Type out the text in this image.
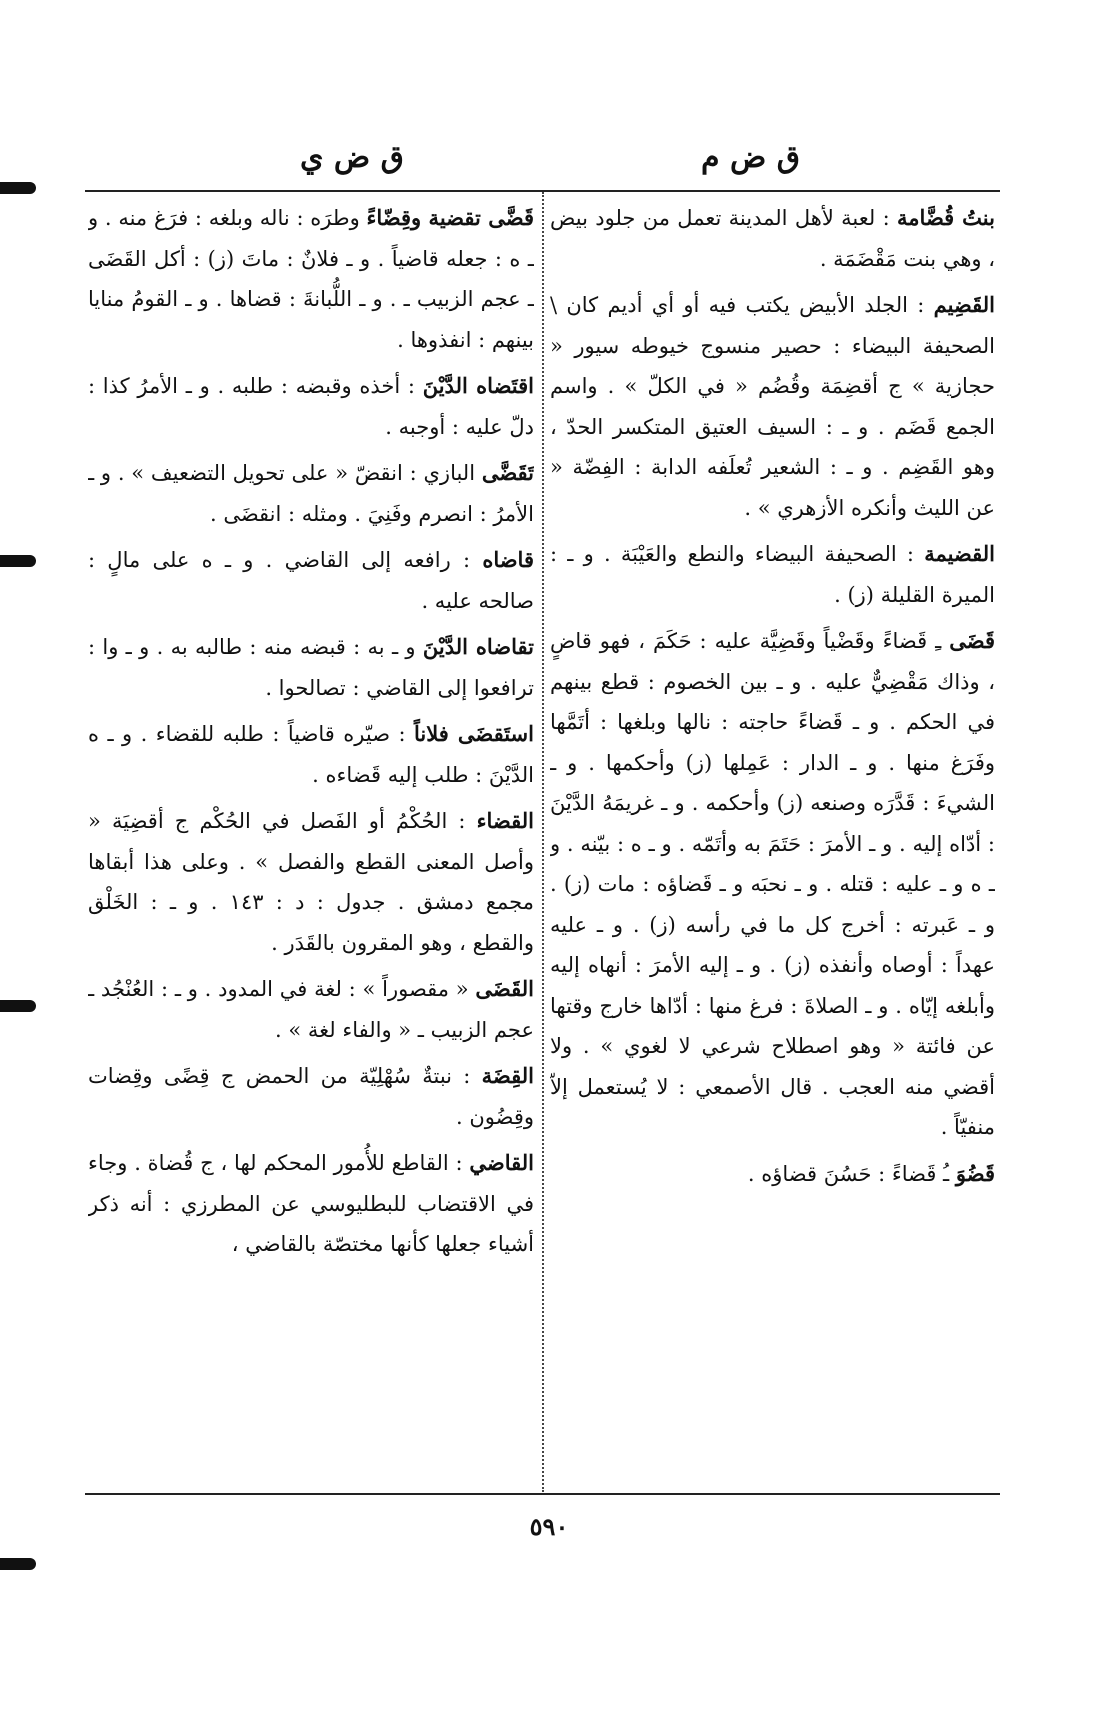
ق ض م
ق ض ي

بنتُ قُضَّامة : لعبة لأهل المدينة تعمل من جلود بيض ، وهي بنت مَقْضَمَة .

القَضِيم : الجلد الأبيض يكتب فيه أو أي أديم كان \ الصحيفة البيضاء : حصير منسوج خيوطه سيور « حجازية » ج أقضِمَة وقُضُم « في الكلّ » . واسم الجمع قَضَم . و ـ : السيف العتيق المتكسر الحدّ ، وهو القَضِم . و ـ : الشعير تُعلَفه الدابة : الفِضّة « عن الليث وأنكره الأزهري » .

القضيمة : الصحيفة البيضاء والنطع والعَيْبَة . و ـ : الميرة القليلة (ز) .

قَضَى ـِ قَضاءً وقَضْياً وقَضِيَّة عليه : حَكَمَ ، فهو قاضٍ ، وذاك مَقْضِيٌّ عليه . و ـ بين الخصوم : قطع بينهم في الحكم . و ـ قَضاءً حاجته : نالها وبلغها : أتَمَّها وفَرَغ منها . و ـ الدار : عَمِلها (ز) وأحكمها . و ـ الشيءَ : قَدَّرَه وصنعه (ز) وأحكمه . و ـ غريمَهُ الدَّيْنَ : أدّاه إليه . و ـ الأمرَ : حَتَمَ به وأتَمّه . و ـ ه : بيّنه . و ـ ه و ـ عليه : قتله . و ـ نحبَه و ـ قَضاؤه : مات (ز) . و ـ عَبرته : أخرج كل ما في رأسه (ز) . و ـ عليه عهداً : أوصاه وأنفذه (ز) . و ـ إليه الأمرَ : أنهاه إليه وأبلغه إيّاه . و ـ الصلاةَ : فرغ منها : أدّاها خارج وقتها عن فائتة « وهو اصطلاح شرعي لا لغوي » . ولا أقضي منه العجب . قال الأصمعي : لا يُستعمل إلاّ منفيّاً .

قَضُوَ ـُ قَضاءً : حَسُنَ قضاؤه .

قَضَّى تقضية وقِضّاءً وطرَه : ناله وبلغه : فرَغ منه . و ـ ه : جعله قاضياً . و ـ فلانٌ : ماتَ (ز) : أكل القَضَى ـ عجم الزبيب ـ . و ـ اللُّبانةَ : قضاها . و ـ القومُ منايا بينهم : انفذوها .

اقتَضاه الدَّيْنَ : أخذه وقبضه : طلبه . و ـ الأمرُ كذا : دلّ عليه : أوجبه .

تَقَضَّى البازي : انقضّ « على تحويل التضعيف » . و ـ الأمرُ : انصرم وفَنِيَ . ومثله : انقضَى .

قاضاه : رافعه إلى القاضي . و ـ ه على مالٍ : صالحه عليه .

تقاضاه الدَّيْنَ و ـ به : قبضه منه : طالبه به . و ـ وا : ترافعوا إلى القاضي : تصالحوا .

استَقضَى فلاناً : صيّره قاضياً : طلبه للقضاء . و ـ ه الدَّيْنَ : طلب إليه قَضاءه .

القضاء : الحُكْمُ أو الفَصل في الحُكْم ج أقضِيَة « وأصل المعنى القطع والفصل » . وعلى هذا أبقاها مجمع دمشق . جدول : د : ١٤٣ . و ـ : الخَلْق والقطع ، وهو المقرون بالقَدَر .

القَضَى « مقصوراً » : لغة في المدود . و ـ : العُنْجُد ـ عجم الزبيب ـ « والفاء لغة » .

القِضَة : نبتةٌ سُهْلِيّة من الحمض ج قِضًى وقِضات وقِضُون .

القاضي : القاطع للأُمور المحكم لها ، ج قُضاة . وجاء في الاقتضاب للبطليوسي عن المطرزي : أنه ذكر أشياء جعلها كأنها مختصّة بالقاضي ،

٥٩٠
